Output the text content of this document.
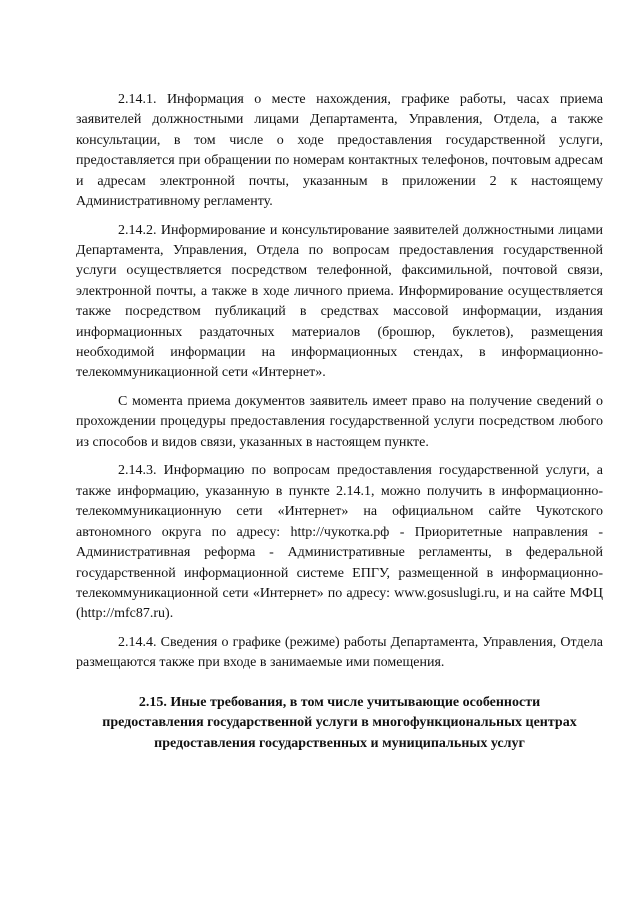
2.14.1. Информация о месте нахождения, графике работы, часах приема заявителей должностными лицами Департамента, Управления, Отдела, а также консультации, в том числе о ходе предоставления государственной услуги, предоставляется при обращении по номерам контактных телефонов, почтовым адресам и адресам электронной почты, указанным в приложении 2 к настоящему Административному регламенту.

2.14.2. Информирование и консультирование заявителей должностными лицами Департамента, Управления, Отдела по вопросам предоставления государственной услуги осуществляется посредством телефонной, факсимильной, почтовой связи, электронной почты, а также в ходе личного приема. Информирование осуществляется также посредством публикаций в средствах массовой информации, издания информационных раздаточных материалов (брошюр, буклетов), размещения необходимой информации на информационных стендах, в информационно-телекоммуникационной сети «Интернет».

С момента приема документов заявитель имеет право на получение сведений о прохождении процедуры предоставления государственной услуги посредством любого из способов и видов связи, указанных в настоящем пункте.

2.14.3. Информацию по вопросам предоставления государственной услуги, а также информацию, указанную в пункте 2.14.1, можно получить в информационно-телекоммуникационную сети «Интернет» на официальном сайте Чукотского автономного округа по адресу: http://чукотка.рф - Приоритетные направления - Административная реформа - Административные регламенты, в федеральной государственной информационной системе ЕПГУ, размещенной в информационно-телекоммуникационной сети «Интернет» по адресу: www.gosuslugi.ru, и на сайте МФЦ (http://mfc87.ru).

2.14.4. Сведения о графике (режиме) работы Департамента, Управления, Отдела размещаются также при входе в занимаемые ими помещения.

2.15. Иные требования, в том числе учитывающие особенности
предоставления государственной услуги в многофункциональных центрах
предоставления государственных и муниципальных услуг
